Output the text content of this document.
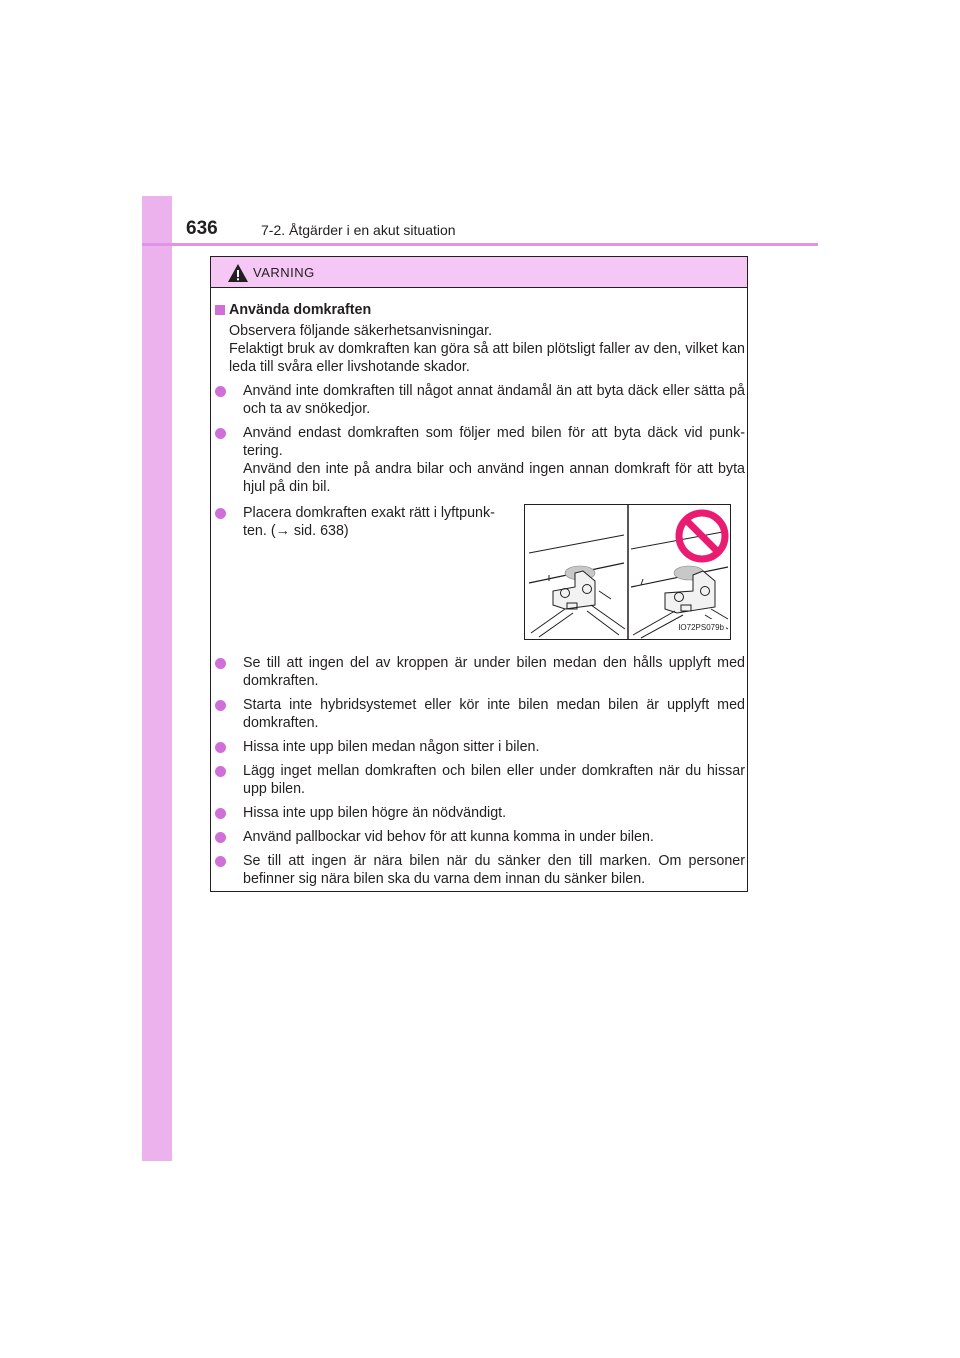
636	7-2. Åtgärder i en akut situation
VARNING
Använda domkraften
Observera följande säkerhetsanvisningar.
Felaktigt bruk av domkraften kan göra så att bilen plötsligt faller av den, vilket kan leda till svåra eller livshotande skador.
Använd inte domkraften till något annat ändamål än att byta däck eller sätta på och ta av snökedjor.
Använd endast domkraften som följer med bilen för att byta däck vid punktering.
Använd den inte på andra bilar och använd ingen annan domkraft för att byta hjul på din bil.
Placera domkraften exakt rätt i lyftpunkten. (→ sid. 638)
IO72PS079b
Se till att ingen del av kroppen är under bilen medan den hålls upplyft med domkraften.
Starta inte hybridsystemet eller kör inte bilen medan bilen är upplyft med domkraften.
Hissa inte upp bilen medan någon sitter i bilen.
Lägg inget mellan domkraften och bilen eller under domkraften när du hissar upp bilen.
Hissa inte upp bilen högre än nödvändigt.
Använd pallbockar vid behov för att kunna komma in under bilen.
Se till att ingen är nära bilen när du sänker den till marken. Om personer befinner sig nära bilen ska du varna dem innan du sänker bilen.
